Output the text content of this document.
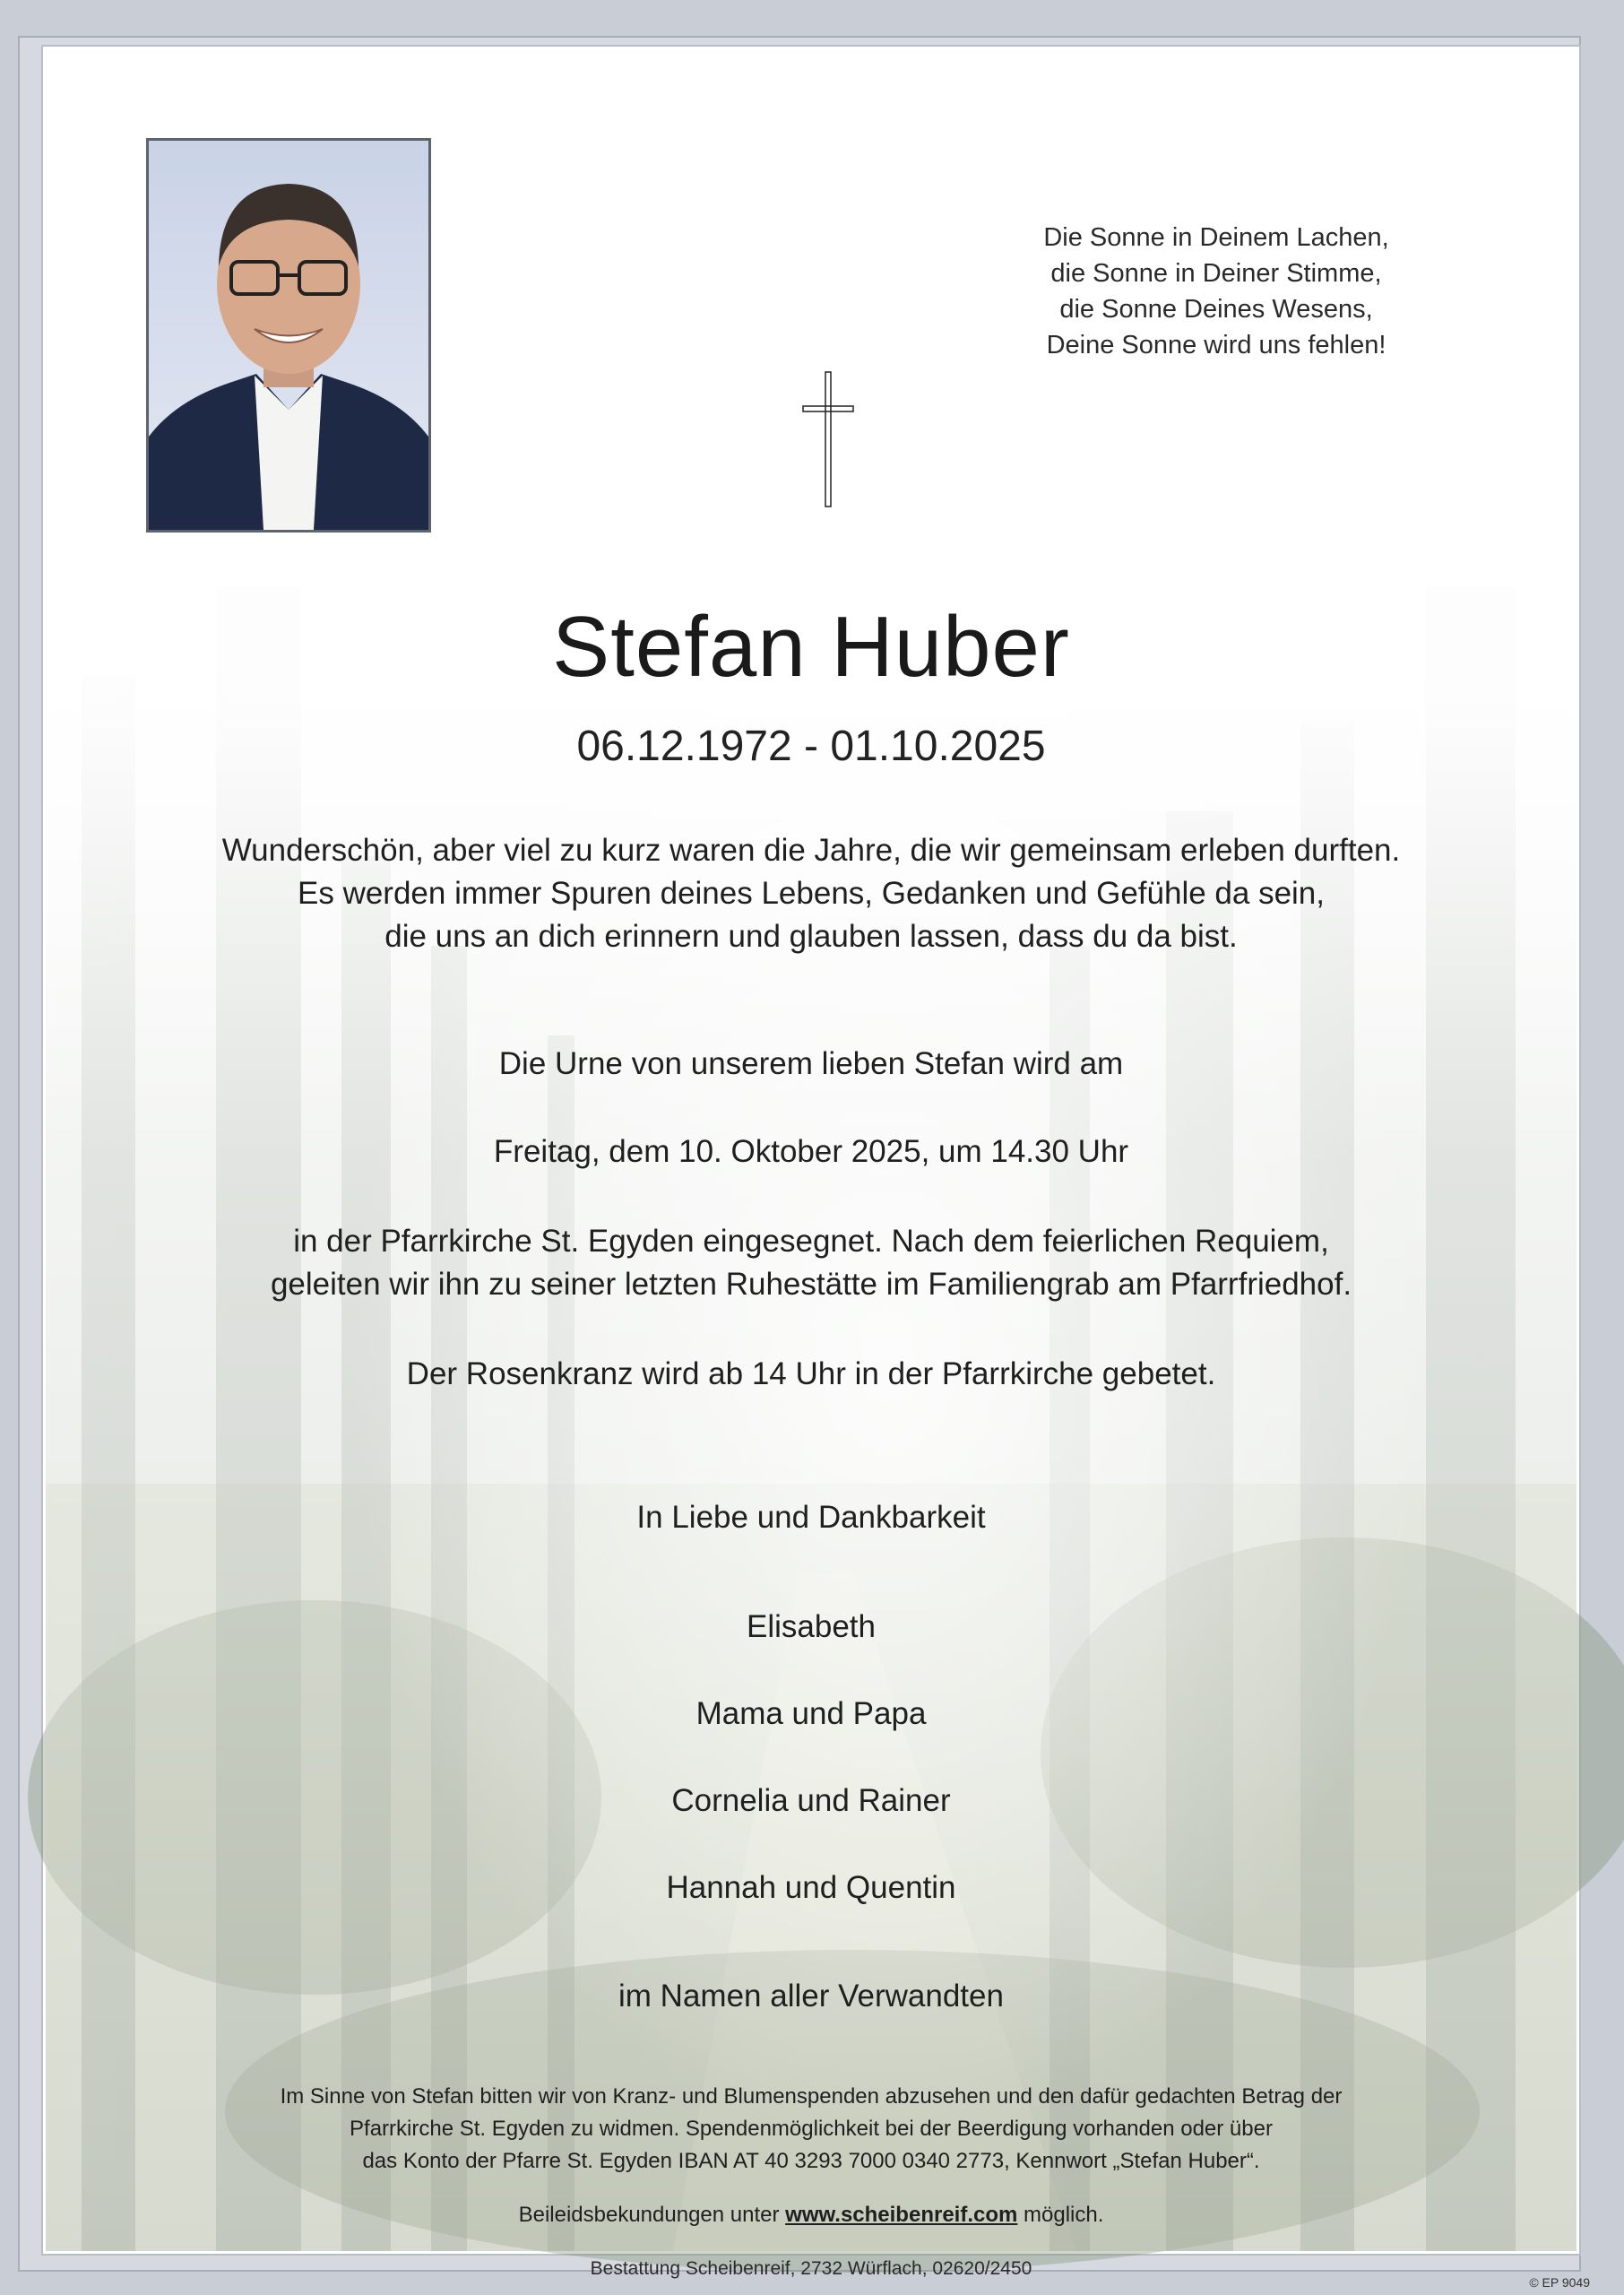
Die Sonne in Deinem Lachen,
die Sonne in Deiner Stimme,
die Sonne Deines Wesens,
Deine Sonne wird uns fehlen!
Stefan Huber
06.12.1972 - 01.10.2025
Wunderschön, aber viel zu kurz waren die Jahre, die wir gemeinsam erleben durften.
Es werden immer Spuren deines Lebens, Gedanken und Gefühle da sein,
die uns an dich erinnern und glauben lassen, dass du da bist.
Die Urne von unserem lieben Stefan wird am
Freitag, dem 10. Oktober 2025, um 14.30 Uhr
in der Pfarrkirche St. Egyden eingesegnet. Nach dem feierlichen Requiem,
geleiten wir ihn zu seiner letzten Ruhestätte im Familiengrab am Pfarrfriedhof.
Der Rosenkranz wird ab 14 Uhr in der Pfarrkirche gebetet.
In Liebe und Dankbarkeit
Elisabeth
Mama und Papa
Cornelia und Rainer
Hannah und Quentin
im Namen aller Verwandten
Im Sinne von Stefan bitten wir von Kranz- und Blumenspenden abzusehen und den dafür gedachten Betrag der
Pfarrkirche St. Egyden zu widmen. Spendenmöglichkeit bei der Beerdigung vorhanden oder über
das Konto der Pfarre St. Egyden IBAN AT 40 3293 7000 0340 2773, Kennwort „Stefan Huber“.
Beileidsbekundungen unter www.scheibenreif.com möglich.
Bestattung Scheibenreif, 2732 Würflach, 02620/2450
© EP 9049
